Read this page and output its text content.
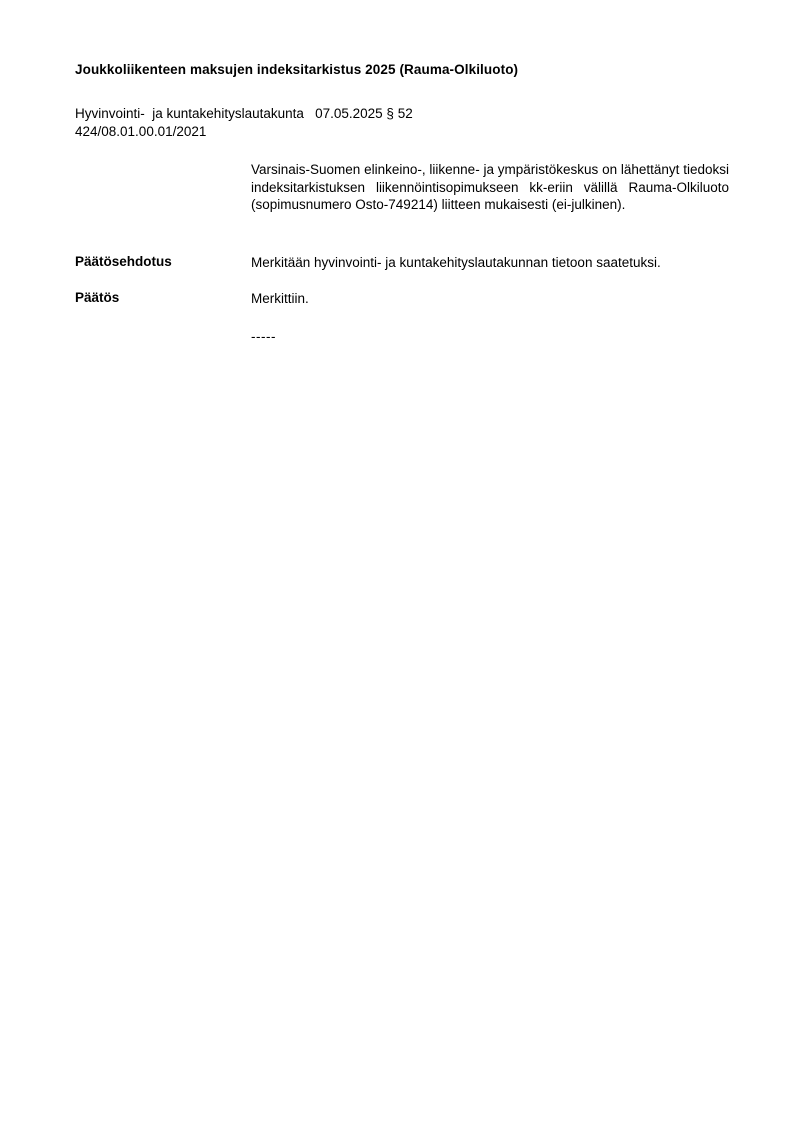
Joukkoliikenteen maksujen indeksitarkistus 2025 (Rauma-Olkiluoto)
Hyvinvointi-  ja kuntakehityslautakunta   07.05.2025 § 52
424/08.01.00.01/2021
Varsinais-Suomen elinkeino-, liikenne- ja ympäristökeskus on lähettänyt tiedoksi indeksitarkistuksen liikennöintisopimukseen kk-eriin välillä Rauma-Olkiluoto (sopimusnumero Osto-749214) liitteen mukaisesti (ei-julkinen).
Päätösehdotus	Merkitään hyvinvointi- ja kuntakehityslautakunnan tietoon saatetuksi.
Päätös	Merkittiin.
-----
